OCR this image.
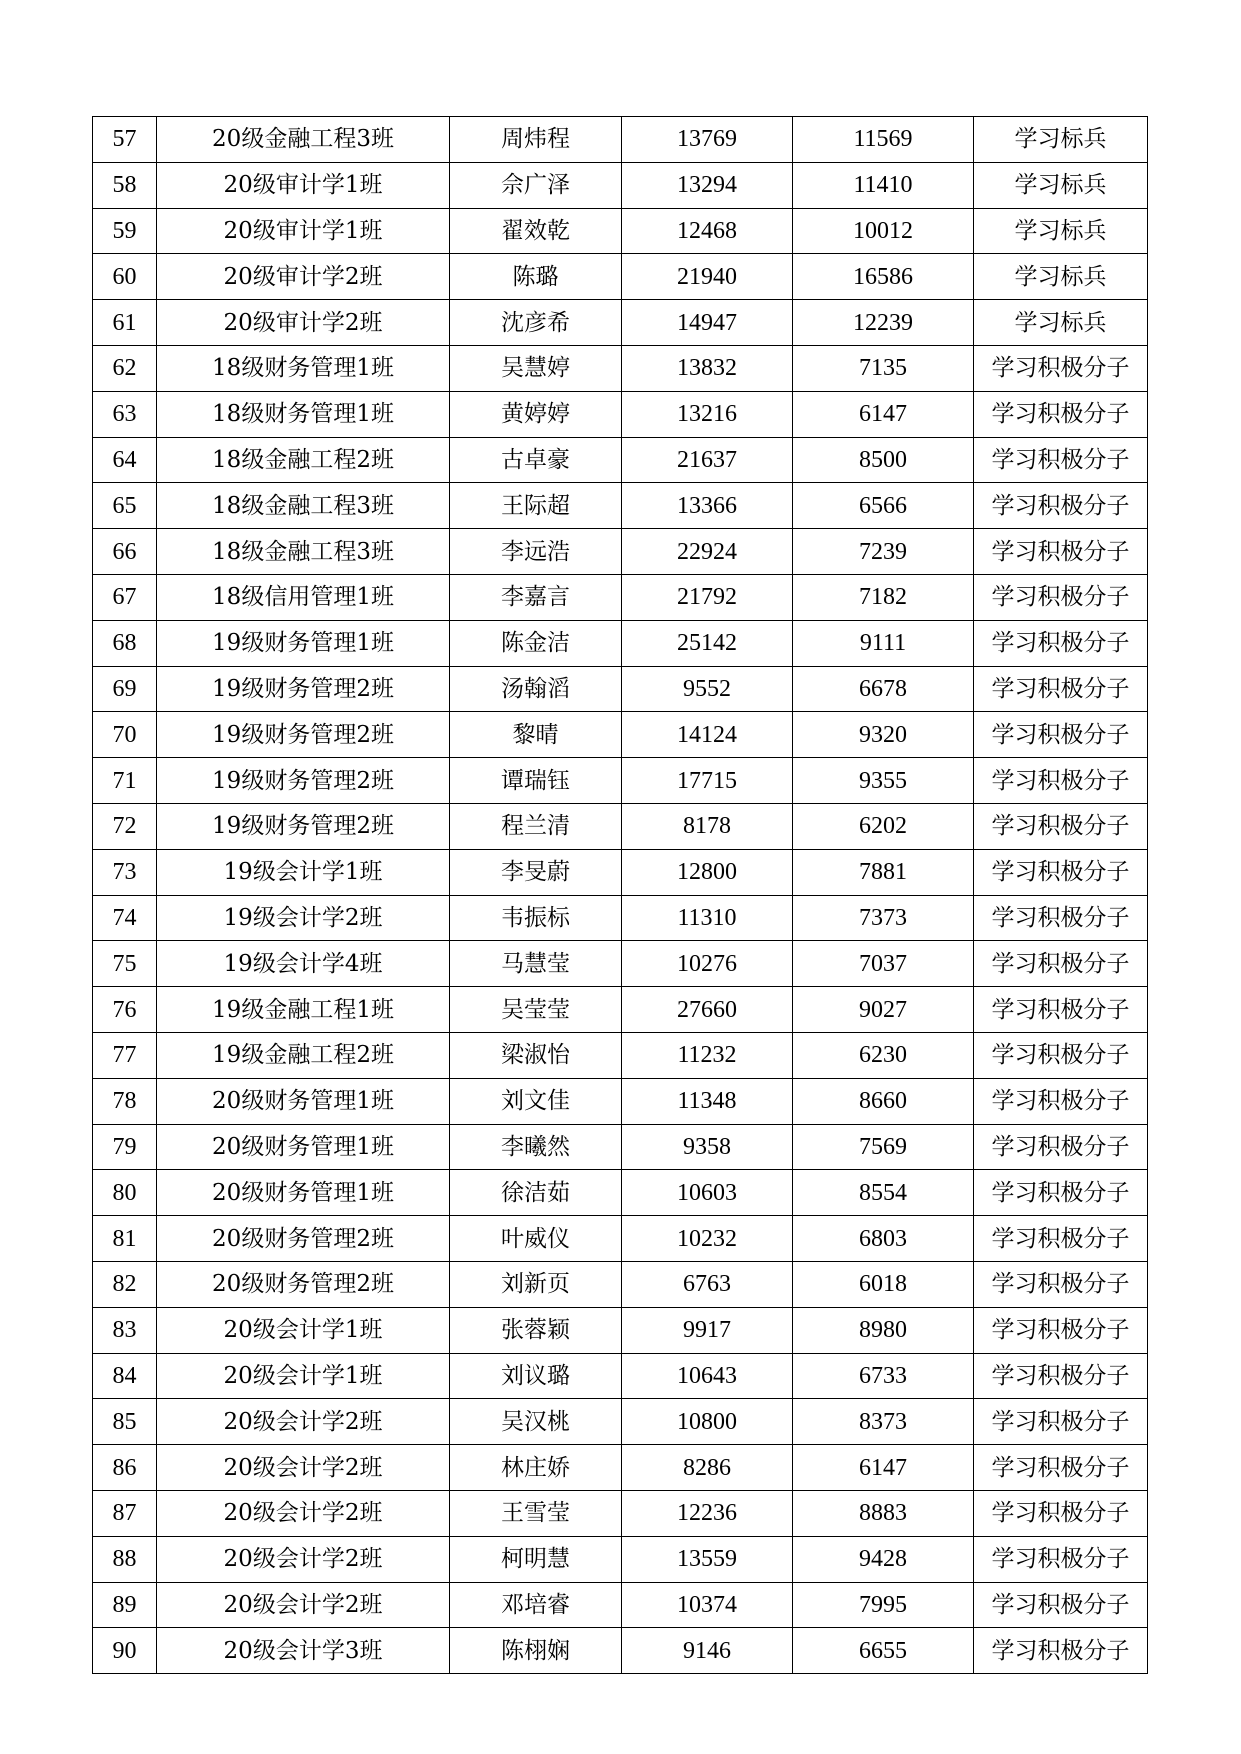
57	20级金融工程3班	周炜程	13769	11569	学习标兵
58	20级审计学1班	佘广泽	13294	11410	学习标兵
59	20级审计学1班	翟效乾	12468	10012	学习标兵
60	20级审计学2班	陈璐	21940	16586	学习标兵
61	20级审计学2班	沈彦希	14947	12239	学习标兵
62	18级财务管理1班	吴慧婷	13832	7135	学习积极分子
63	18级财务管理1班	黄婷婷	13216	6147	学习积极分子
64	18级金融工程2班	古卓豪	21637	8500	学习积极分子
65	18级金融工程3班	王际超	13366	6566	学习积极分子
66	18级金融工程3班	李远浩	22924	7239	学习积极分子
67	18级信用管理1班	李嘉言	21792	7182	学习积极分子
68	19级财务管理1班	陈金洁	25142	9111	学习积极分子
69	19级财务管理2班	汤翰滔	9552	6678	学习积极分子
70	19级财务管理2班	黎晴	14124	9320	学习积极分子
71	19级财务管理2班	谭瑞钰	17715	9355	学习积极分子
72	19级财务管理2班	程兰清	8178	6202	学习积极分子
73	19级会计学1班	李旻蔚	12800	7881	学习积极分子
74	19级会计学2班	韦振标	11310	7373	学习积极分子
75	19级会计学4班	马慧莹	10276	7037	学习积极分子
76	19级金融工程1班	吴莹莹	27660	9027	学习积极分子
77	19级金融工程2班	梁淑怡	11232	6230	学习积极分子
78	20级财务管理1班	刘文佳	11348	8660	学习积极分子
79	20级财务管理1班	李曦然	9358	7569	学习积极分子
80	20级财务管理1班	徐洁茹	10603	8554	学习积极分子
81	20级财务管理2班	叶威仪	10232	6803	学习积极分子
82	20级财务管理2班	刘新页	6763	6018	学习积极分子
83	20级会计学1班	张蓉颖	9917	8980	学习积极分子
84	20级会计学1班	刘议璐	10643	6733	学习积极分子
85	20级会计学2班	吴汉桃	10800	8373	学习积极分子
86	20级会计学2班	林庄娇	8286	6147	学习积极分子
87	20级会计学2班	王雪莹	12236	8883	学习积极分子
88	20级会计学2班	柯明慧	13559	9428	学习积极分子
89	20级会计学2班	邓培睿	10374	7995	学习积极分子
90	20级会计学3班	陈栩娴	9146	6655	学习积极分子
